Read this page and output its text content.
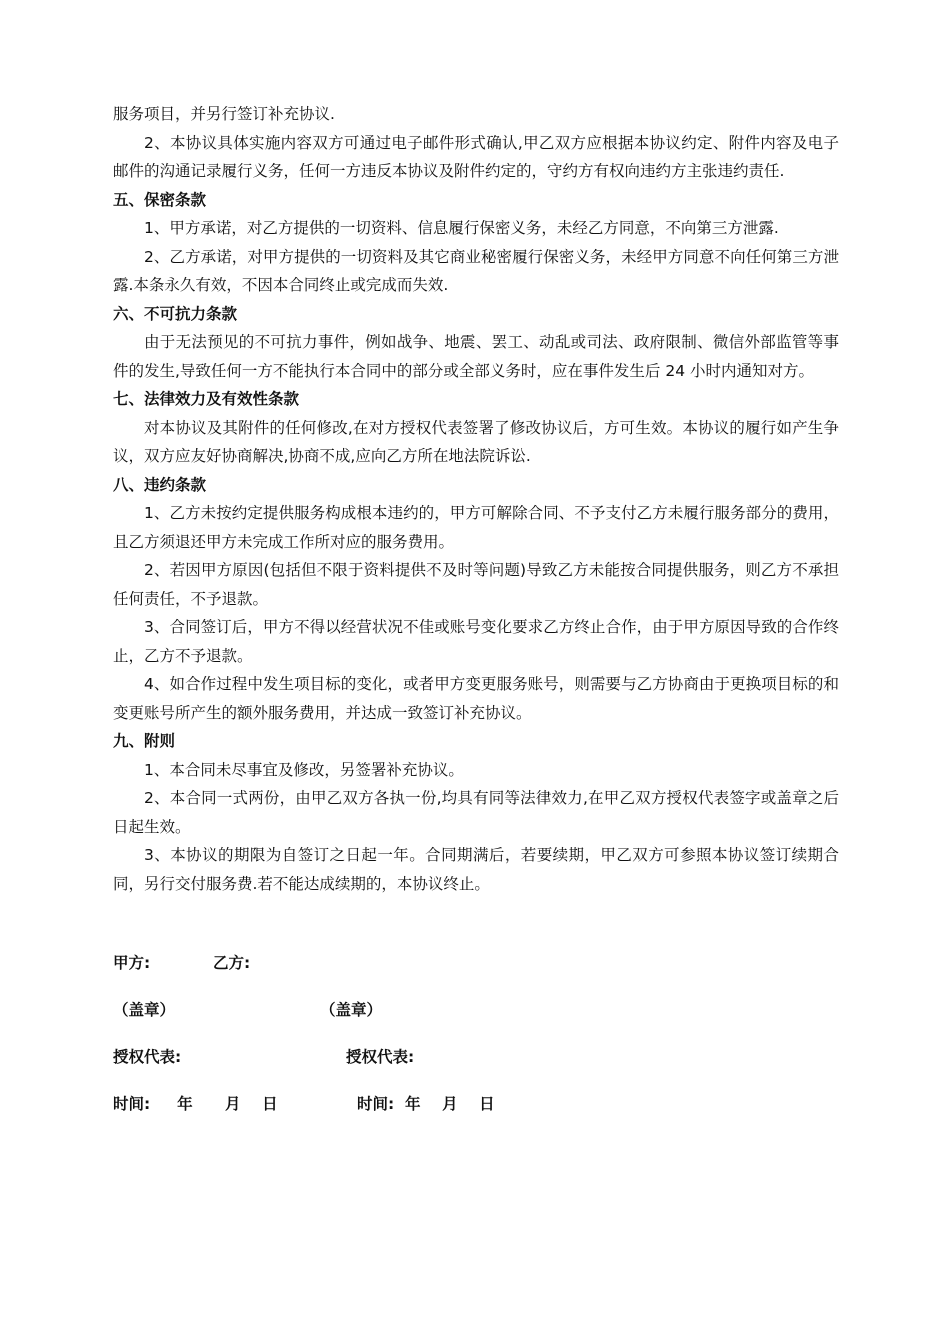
服务项目，并另行签订补充协议.

2、本协议具体实施内容双方可通过电子邮件形式确认,甲乙双方应根据本协议约定、附件内容及电子邮件的沟通记录履行义务，任何一方违反本协议及附件约定的，守约方有权向违约方主张违约责任.

五、保密条款

1、甲方承诺，对乙方提供的一切资料、信息履行保密义务，未经乙方同意，不向第三方泄露.

2、乙方承诺，对甲方提供的一切资料及其它商业秘密履行保密义务，未经甲方同意不向任何第三方泄露.本条永久有效，不因本合同终止或完成而失效.

六、不可抗力条款

由于无法预见的不可抗力事件，例如战争、地震、罢工、动乱或司法、政府限制、微信外部监管等事件的发生,导致任何一方不能执行本合同中的部分或全部义务时，应在事件发生后 24 小时内通知对方。

七、法律效力及有效性条款

对本协议及其附件的任何修改,在对方授权代表签署了修改协议后，方可生效。本协议的履行如产生争议，双方应友好协商解决,协商不成,应向乙方所在地法院诉讼.

八、违约条款

1、乙方未按约定提供服务构成根本违约的，甲方可解除合同、不予支付乙方未履行服务部分的费用，且乙方须退还甲方未完成工作所对应的服务费用。

2、若因甲方原因(包括但不限于资料提供不及时等问题)导致乙方未能按合同提供服务，则乙方不承担任何责任，不予退款。

3、合同签订后，甲方不得以经营状况不佳或账号变化要求乙方终止合作，由于甲方原因导致的合作终止，乙方不予退款。

4、如合作过程中发生项目标的变化，或者甲方变更服务账号，则需要与乙方协商由于更换项目标的和变更账号所产生的额外服务费用，并达成一致签订补充协议。

九、附则

1、本合同未尽事宜及修改，另签署补充协议。

2、本合同一式两份，由甲乙双方各执一份,均具有同等法律效力,在甲乙双方授权代表签字或盖章之后日起生效。

3、本协议的期限为自签订之日起一年。合同期满后，若要续期，甲乙双方可参照本协议签订续期合同，另行交付服务费.若不能达成续期的，本协议终止。

甲方:	乙方:
（盖章）	（盖章）
授权代表:	授权代表:
时间:     年      月    日	时间:  年    月    日
